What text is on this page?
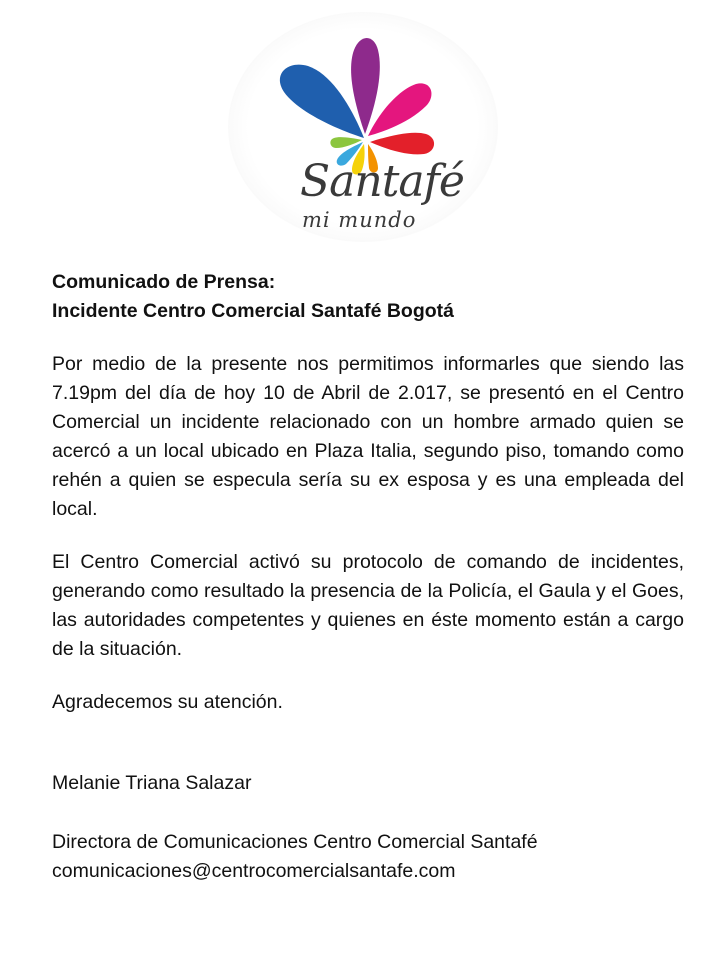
Santafé
mi mundo

Comunicado de Prensa:

Incidente Centro Comercial Santafé Bogotá

Por medio de la presente nos permitimos informarles que siendo las 7.19pm del día de hoy 10 de Abril de 2.017, se presentó en el Centro Comercial un incidente relacionado con un hombre armado quien se acercó a un local ubicado en Plaza Italia, segundo piso, tomando como rehén a quien se especula sería su ex esposa y es una empleada del local.

El Centro Comercial activó su protocolo de comando de incidentes, generando como resultado la presencia de la Policía, el Gaula y el Goes, las autoridades competentes y quienes en éste momento están a cargo de la situación.

Agradecemos su atención.

Melanie Triana Salazar

Directora de Comunicaciones Centro Comercial Santafé

comunicaciones@centrocomercialsantafe.com
